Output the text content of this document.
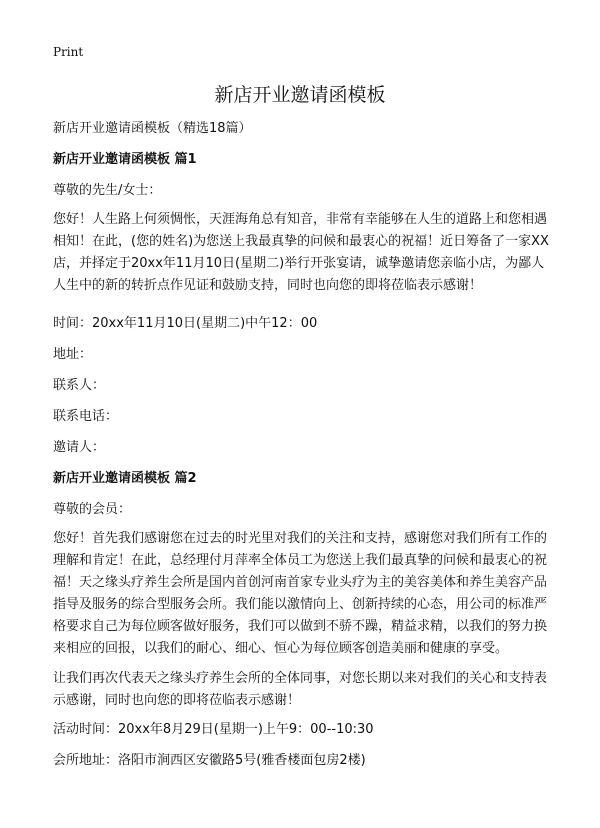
Print
新店开业邀请函模板

新店开业邀请函模板（精选18篇）

新店开业邀请函模板 篇1

尊敬的先生/女士：

您好！人生路上何须惆怅，天涯海角总有知音，非常有幸能够在人生的道路上和您相遇相知！在此，(您的姓名)为您送上我最真挚的问候和最衷心的祝福！近日筹备了一家XX店，并择定于20xx年11月10日(星期二)举行开张宴请，诚挚邀请您亲临小店，为鄙人人生中的新的转折点作见证和鼓励支持，同时也向您的即将莅临表示感谢！

时间：20xx年11月10日(星期二)中午12：00

地址：

联系人：

联系电话：

邀请人：

新店开业邀请函模板 篇2

尊敬的会员：

您好！首先我们感谢您在过去的时光里对我们的关注和支持，感谢您对我们所有工作的理解和肯定！在此，总经理付月萍率全体员工为您送上我们最真挚的问候和最衷心的祝福！天之缘头疗养生会所是国内首创河南首家专业头疗为主的美容美体和养生美容产品指导及服务的综合型服务会所。我们能以激情向上、创新持续的心态，用公司的标准严格要求自己为每位顾客做好服务，我们可以做到不骄不躁，精益求精，以我们的努力换来相应的回报，以我们的耐心、细心、恒心为每位顾客创造美丽和健康的享受。

让我们再次代表天之缘头疗养生会所的全体同事，对您长期以来对我们的关心和支持表示感谢，同时也向您的即将莅临表示感谢！

活动时间：20xx年8月29日(星期一)上午9：00--10:30

会所地址：洛阳市涧西区安徽路5号(雅香楼面包房2楼)
